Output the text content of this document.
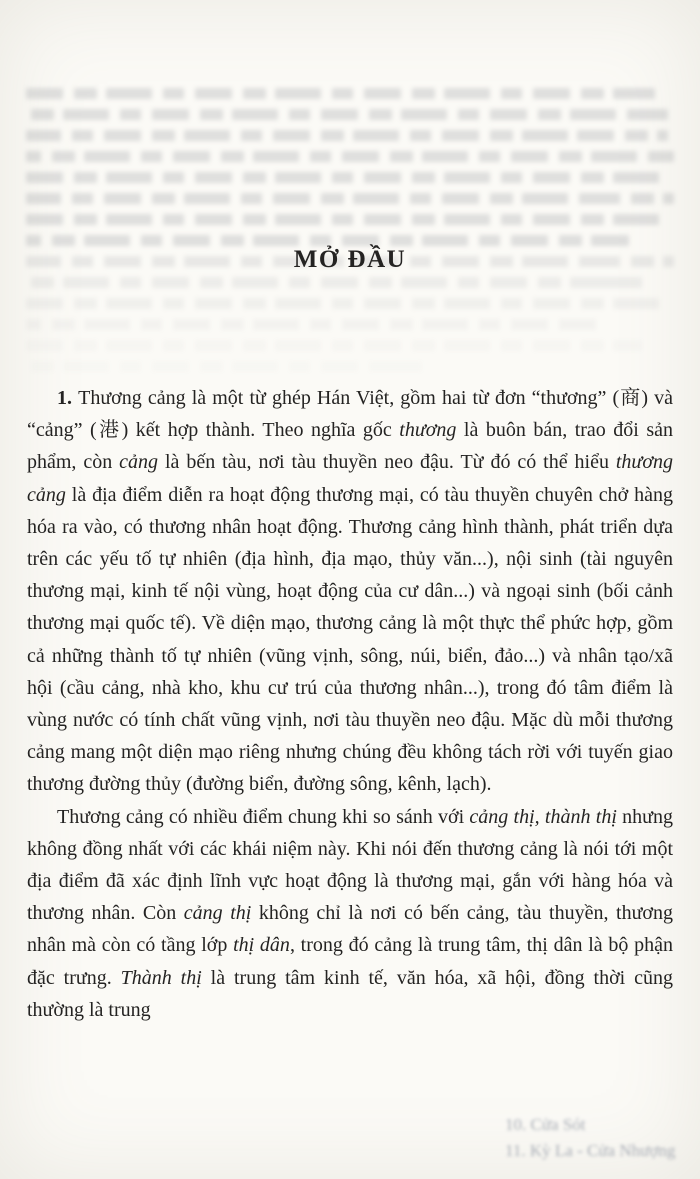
MỞ ĐẦU

1. Thương cảng là một từ ghép Hán Việt, gồm hai từ đơn “thương” (商) và “cảng” (港) kết hợp thành. Theo nghĩa gốc thương là buôn bán, trao đổi sản phẩm, còn cảng là bến tàu, nơi tàu thuyền neo đậu. Từ đó có thể hiểu thương cảng là địa điểm diễn ra hoạt động thương mại, có tàu thuyền chuyên chở hàng hóa ra vào, có thương nhân hoạt động. Thương cảng hình thành, phát triển dựa trên các yếu tố tự nhiên (địa hình, địa mạo, thủy văn...), nội sinh (tài nguyên thương mại, kinh tế nội vùng, hoạt động của cư dân...) và ngoại sinh (bối cảnh thương mại quốc tế). Về diện mạo, thương cảng là một thực thể phức hợp, gồm cả những thành tố tự nhiên (vũng vịnh, sông, núi, biển, đảo...) và nhân tạo/xã hội (cầu cảng, nhà kho, khu cư trú của thương nhân...), trong đó tâm điểm là vùng nước có tính chất vũng vịnh, nơi tàu thuyền neo đậu. Mặc dù mỗi thương cảng mang một diện mạo riêng nhưng chúng đều không tách rời với tuyến giao thương đường thủy (đường biển, đường sông, kênh, lạch).

Thương cảng có nhiều điểm chung khi so sánh với cảng thị, thành thị nhưng không đồng nhất với các khái niệm này. Khi nói đến thương cảng là nói tới một địa điểm đã xác định lĩnh vực hoạt động là thương mại, gắn với hàng hóa và thương nhân. Còn cảng thị không chỉ là nơi có bến cảng, tàu thuyền, thương nhân mà còn có tầng lớp thị dân, trong đó cảng là trung tâm, thị dân là bộ phận đặc trưng. Thành thị là trung tâm kinh tế, văn hóa, xã hội, đồng thời cũng thường là trung

10. Cửa Sót
11. Kỳ La - Cửa Nhượng
